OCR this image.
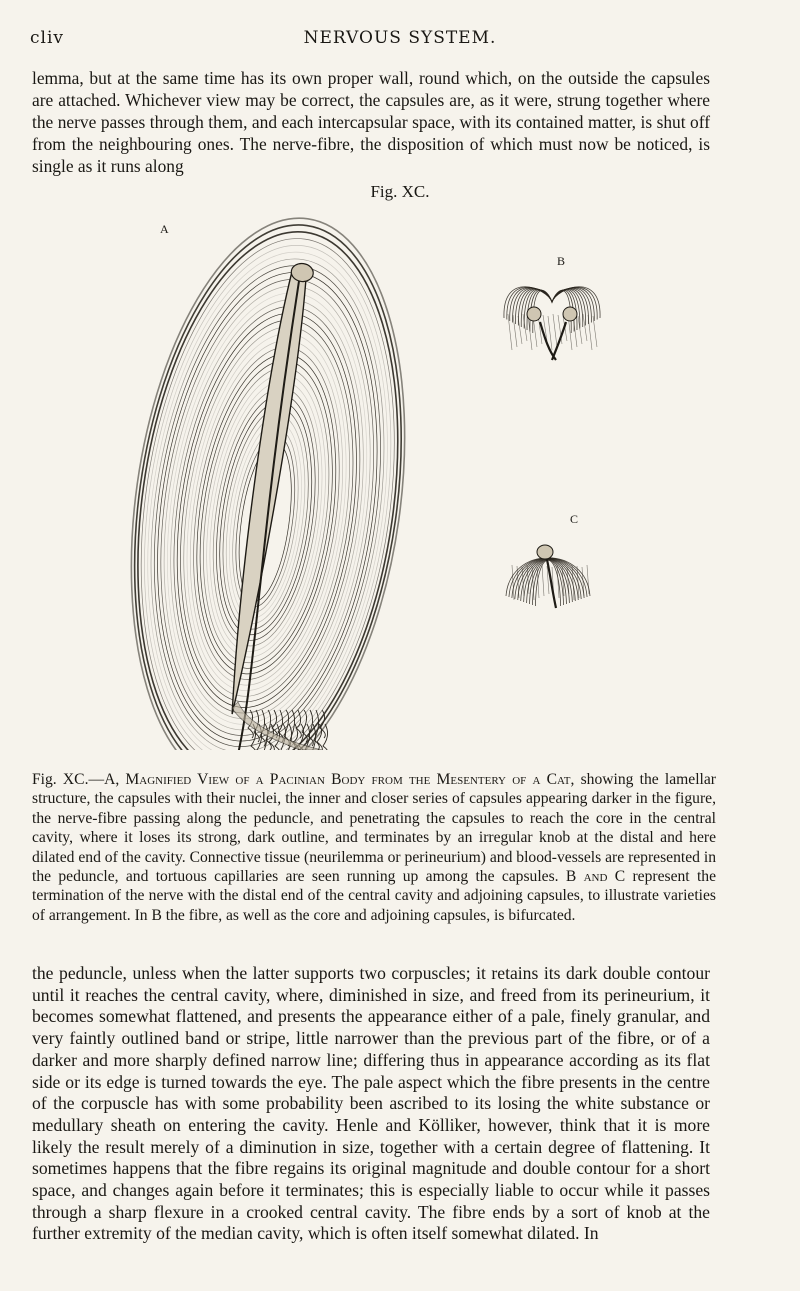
cliv	NERVOUS SYSTEM.
lemma, but at the same time has its own proper wall, round which, on the outside the capsules are attached. Whichever view may be correct, the capsules are, as it were, strung together where the nerve passes through them, and each intercapsular space, with its contained matter, is shut off from the neighbouring ones. The nerve-fibre, the disposition of which must now be noticed, is single as it runs along
Fig. XC.
A
B
C
Fig. XC.—A, Magnified View of a Pacinian Body from the Mesentery of a Cat, showing the lamellar structure, the capsules with their nuclei, the inner and closer series of capsules appearing darker in the figure, the nerve-fibre passing along the peduncle, and penetrating the capsules to reach the core in the central cavity, where it loses its strong, dark outline, and terminates by an irregular knob at the distal and here dilated end of the cavity. Connective tissue (neurilemma or perineurium) and blood-vessels are represented in the peduncle, and tortuous capillaries are seen running up among the capsules. B and C represent the termination of the nerve with the distal end of the central cavity and adjoining capsules, to illustrate varieties of arrangement. In B the fibre, as well as the core and adjoining capsules, is bifurcated.
the peduncle, unless when the latter supports two corpuscles; it retains its dark double contour until it reaches the central cavity, where, diminished in size, and freed from its perineurium, it becomes somewhat flattened, and presents the appearance either of a pale, finely granular, and very faintly outlined band or stripe, little narrower than the previous part of the fibre, or of a darker and more sharply defined narrow line; differing thus in appearance according as its flat side or its edge is turned towards the eye. The pale aspect which the fibre presents in the centre of the corpuscle has with some probability been ascribed to its losing the white substance or medullary sheath on entering the cavity. Henle and Kölliker, however, think that it is more likely the result merely of a diminution in size, together with a certain degree of flattening. It sometimes happens that the fibre regains its original magnitude and double contour for a short space, and changes again before it terminates; this is especially liable to occur while it passes through a sharp flexure in a crooked central cavity. The fibre ends by a sort of knob at the further extremity of the median cavity, which is often itself somewhat dilated. In
